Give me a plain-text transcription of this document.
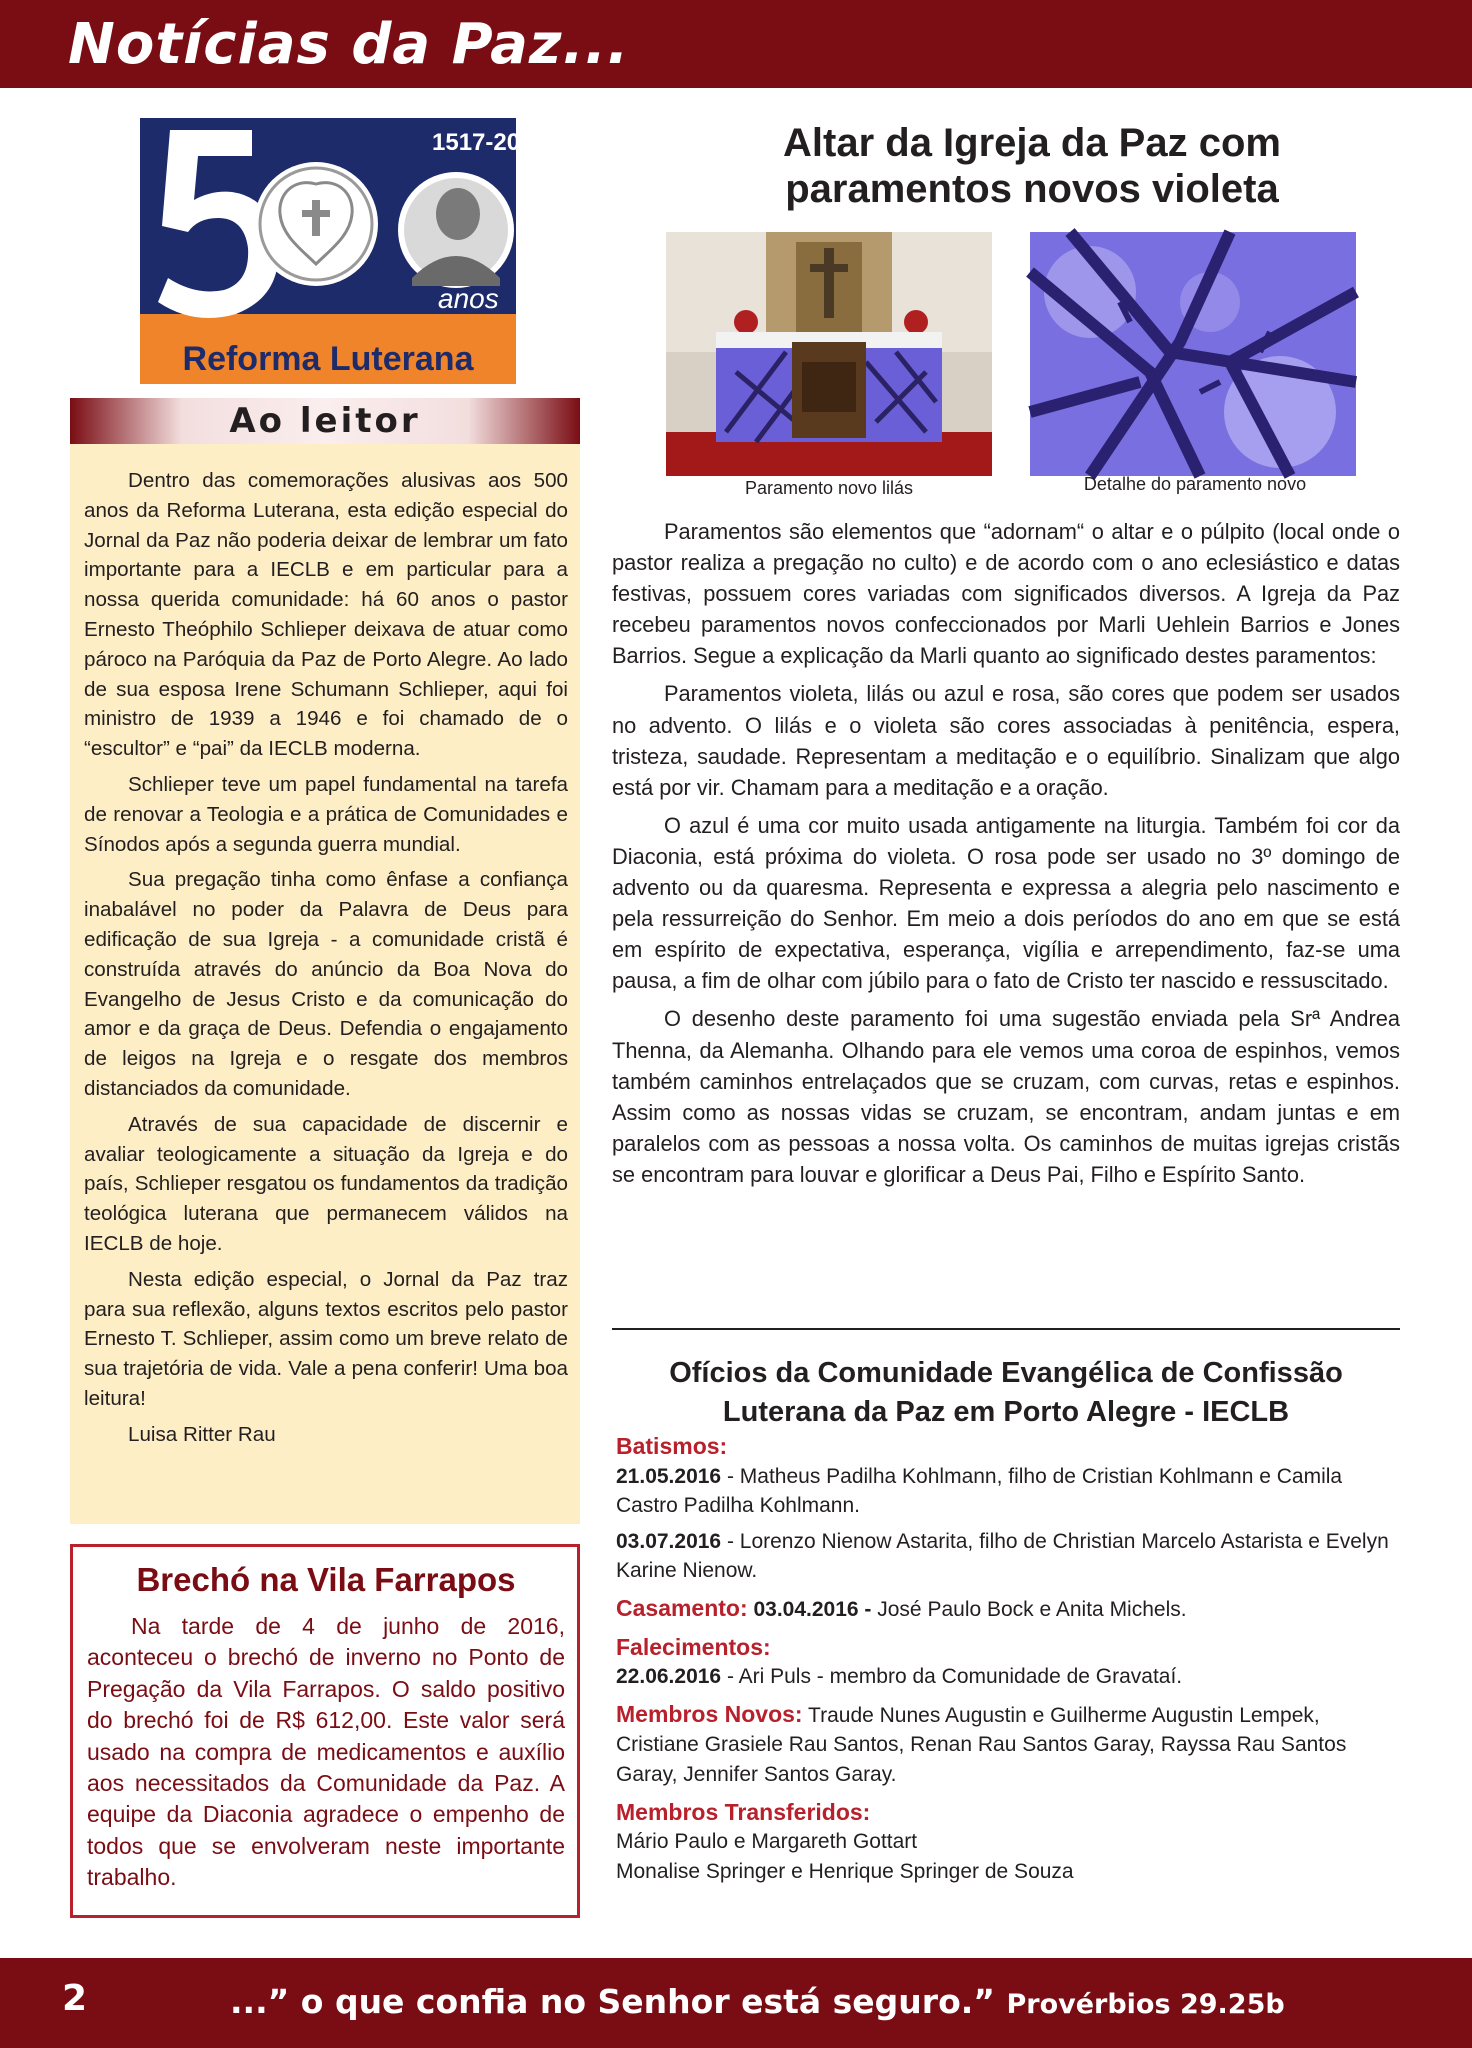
Notícias da Paz...
1517-2017
anos
Reforma Luterana
Ao leitor

Dentro das comemorações alusivas aos 500 anos da Reforma Luterana, esta edição especial do Jornal da Paz não poderia deixar de lembrar um fato importante para a IECLB e em particular para a nossa querida comunidade: há 60 anos o pastor Ernesto Theóphilo Schlieper deixava de atuar como pároco na Paróquia da Paz de Porto Alegre. Ao lado de sua esposa Irene Schumann Schlieper, aqui foi ministro de 1939 a 1946 e foi chamado de o “escultor” e “pai” da IECLB moderna.

Schlieper teve um papel fundamental na tarefa de renovar a Teologia e a prática de Comunidades e Sínodos após a segunda guerra mundial.

Sua pregação tinha como ênfase a confiança inabalável no poder da Palavra de Deus para edificação de sua Igreja - a comunidade cristã é construída através do anúncio da Boa Nova do Evangelho de Jesus Cristo e da comunicação do amor e da graça de Deus. Defendia o engajamento de leigos na Igreja e o resgate dos membros distanciados da comunidade.

Através de sua capacidade de discernir e avaliar teologicamente a situação da Igreja e do país, Schlieper resgatou os fundamentos da tradição teológica luterana que permanecem válidos na IECLB de hoje.

Nesta edição especial, o Jornal da Paz traz para sua reflexão, alguns textos escritos pelo pastor Ernesto T. Schlieper, assim como um breve relato de sua trajetória de vida. Vale a pena conferir! Uma boa leitura!

Luisa Ritter Rau

Brechó na Vila Farrapos

Na tarde de 4 de junho de 2016, aconteceu o brechó de inverno no Ponto de Pregação da Vila Farrapos. O saldo positivo do brechó foi de R$ 612,00. Este valor será usado na compra de medicamentos e auxílio aos necessitados da Comunidade da Paz. A equipe da Diaconia agradece o empenho de todos que se envolveram neste importante trabalho.

Altar da Igreja da Paz com
paramentos novos violeta
Paramento novo lilás	Detalhe do paramento novo

Paramentos são elementos que “adornam“ o altar e o púlpito (local onde o pastor realiza a pregação no culto) e de acordo com o ano eclesiástico e datas festivas, possuem cores variadas com significados diversos. A Igreja da Paz recebeu paramentos novos confeccionados por Marli Uehlein Barrios e Jones Barrios. Segue a explicação da Marli quanto ao significado destes paramentos:

Paramentos violeta, lilás ou azul e rosa, são cores que podem ser usados no advento. O lilás e o violeta são cores associadas à penitência, espera, tristeza, saudade. Representam a meditação e o equilíbrio. Sinalizam que algo está por vir. Chamam para a meditação e a oração.

O azul é uma cor muito usada antigamente na liturgia. Também foi cor da Diaconia, está próxima do violeta. O rosa pode ser usado no 3º domingo de advento ou da quaresma. Representa e expressa a alegria pelo nascimento e pela ressurreição do Senhor. Em meio a dois períodos do ano em que se está em espírito de expectativa, esperança, vigília e arrependimento, faz-se uma pausa, a fim de olhar com júbilo para o fato de Cristo ter nascido e ressuscitado.

O desenho deste paramento foi uma sugestão enviada pela Srª Andrea Thenna, da Alemanha. Olhando para ele vemos uma coroa de espinhos, vemos também caminhos entrelaçados que se cruzam, com curvas, retas e espinhos. Assim como as nossas vidas se cruzam, se encontram, andam juntas e em paralelos com as pessoas a nossa volta. Os caminhos de muitas igrejas cristãs se encontram para louvar e glorificar a Deus Pai, Filho e Espírito Santo.

Ofícios da Comunidade Evangélica de Confissão
Luterana da Paz em Porto Alegre - IECLB
Batismos:
21.05.2016 - Matheus Padilha Kohlmann, filho de Cristian Kohlmann e Camila Castro Padilha Kohlmann.
03.07.2016 - Lorenzo Nienow Astarita, filho de Christian Marcelo Astarista e Evelyn Karine Nienow.
Casamento: 03.04.2016 - José Paulo Bock e Anita Michels.
Falecimentos:
22.06.2016 - Ari Puls - membro da Comunidade de Gravataí.
Membros Novos: Traude Nunes Augustin e Guilherme Augustin Lempek, Cristiane Grasiele Rau Santos, Renan Rau Santos Garay, Rayssa Rau Santos Garay, Jennifer Santos Garay.
Membros Transferidos:
Mário Paulo e Margareth Gottart
Monalise Springer e Henrique Springer de Souza
2	...” o que confia no Senhor está seguro.” Provérbios 29.25b
